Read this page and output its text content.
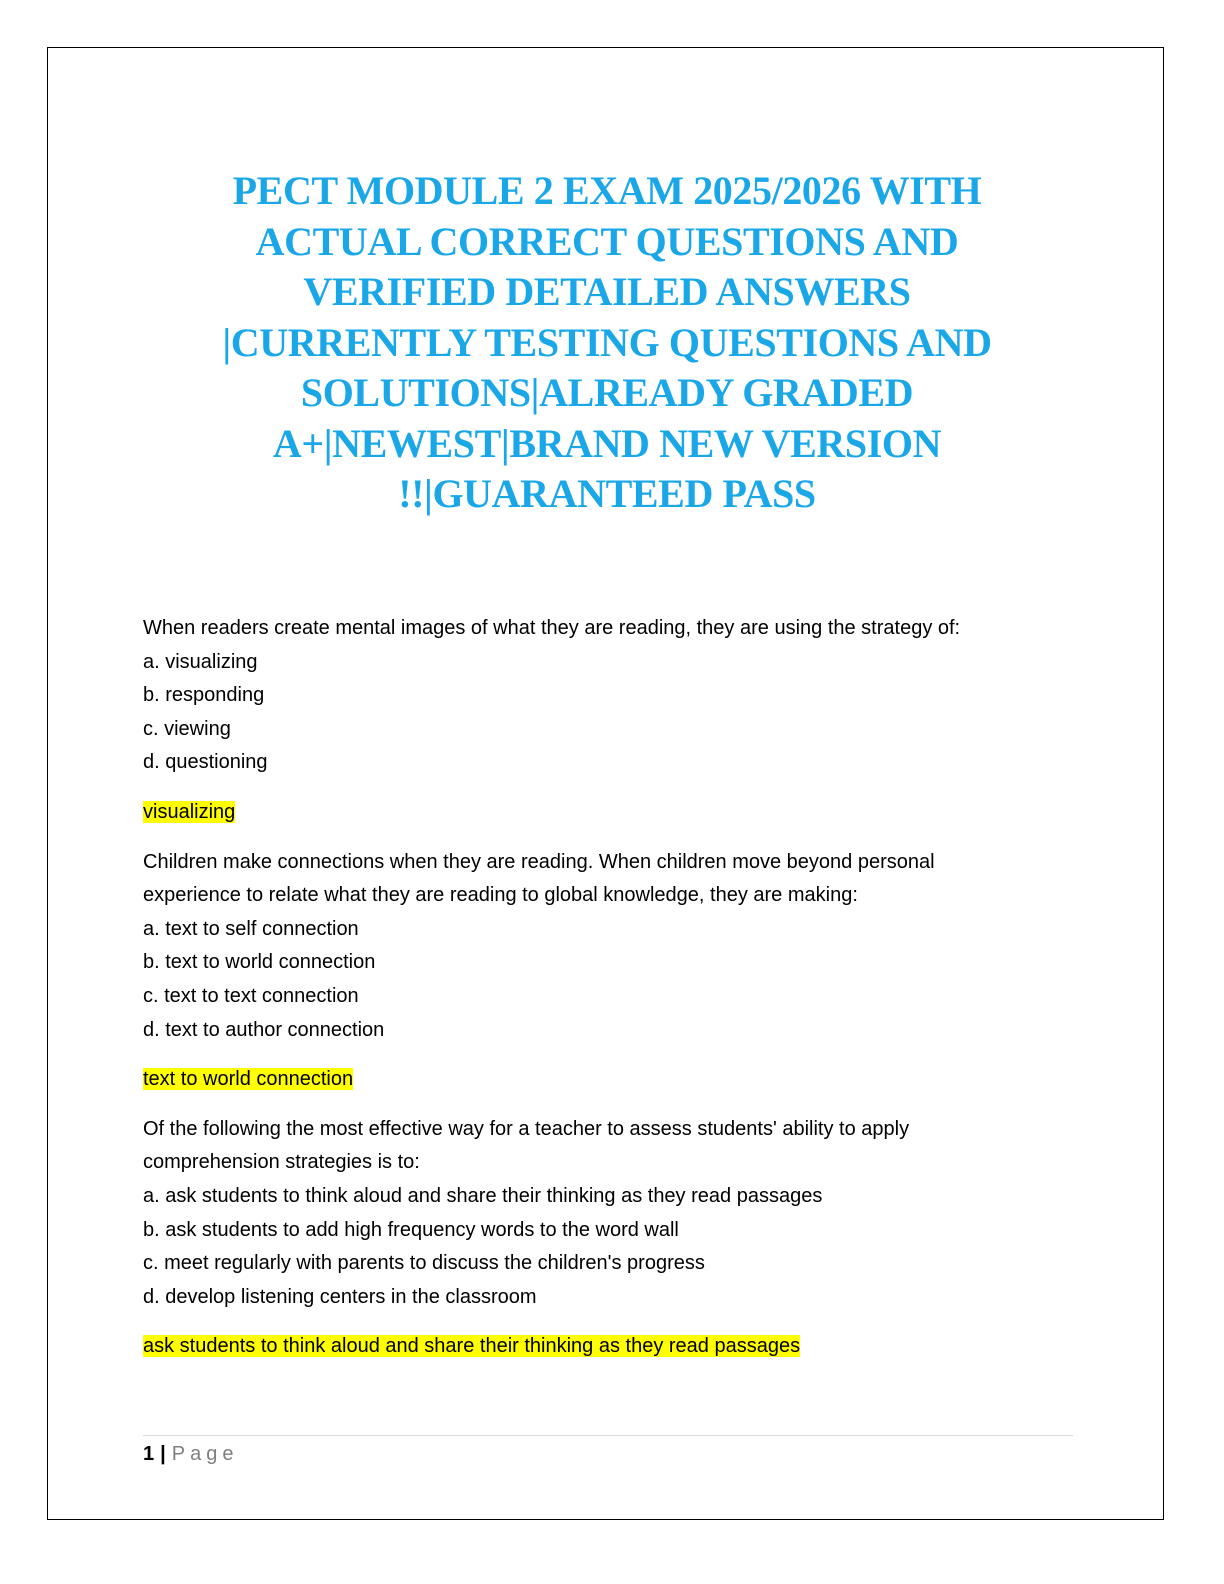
PECT MODULE 2 EXAM 2025/2026 WITH
ACTUAL CORRECT QUESTIONS AND
VERIFIED DETAILED ANSWERS
|CURRENTLY TESTING QUESTIONS AND
SOLUTIONS|ALREADY GRADED
A+|NEWEST|BRAND NEW VERSION
!!|GUARANTEED PASS
When readers create mental images of what they are reading, they are using the strategy of:
a. visualizing
b. responding
c. viewing
d. questioning
visualizing
Children make connections when they are reading. When children move beyond personal
experience to relate what they are reading to global knowledge, they are making:
a. text to self connection
b. text to world connection
c. text to text connection
d. text to author connection
text to world connection
Of the following the most effective way for a teacher to assess students' ability to apply
comprehension strategies is to:
a. ask students to think aloud and share their thinking as they read passages
b. ask students to add high frequency words to the word wall
c. meet regularly with parents to discuss the children's progress
d. develop listening centers in the classroom
ask students to think aloud and share their thinking as they read passages
1 | Page
